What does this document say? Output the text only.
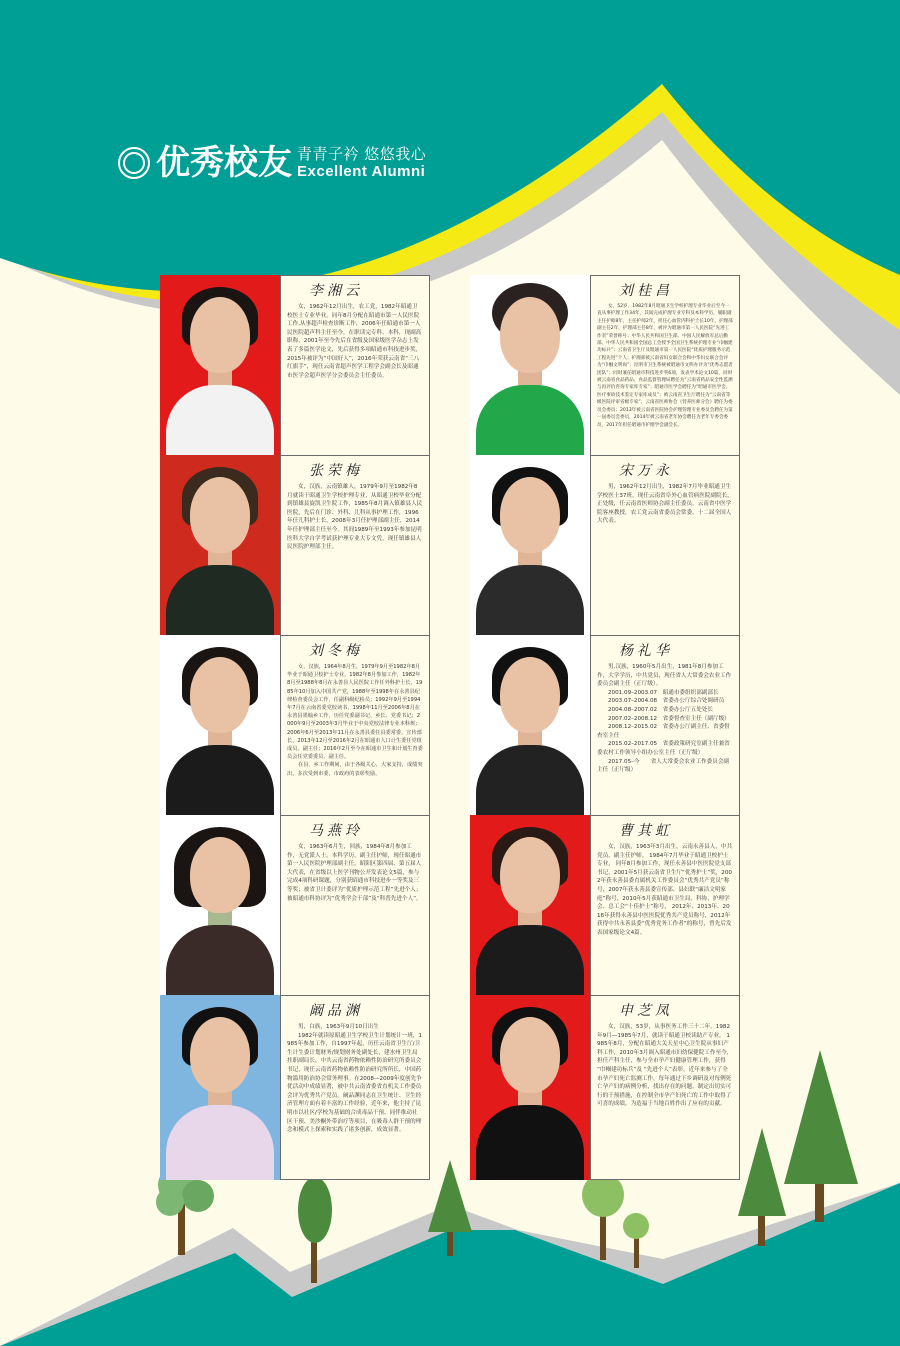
优秀校友 青青子衿 悠悠我心
Excellent Alumni
李湘云

女，1962年12月出生，农工党，1982年昭通卫校医士专业毕业，同年8月分配在昭通市第一人民医院工作,从事超声检查诊断工作，2006年任昭通市第一人民医院超声科主任至今，在职读完专科、本科，现副高职称，2001年至今先后在省级及国家级医学杂志上发表了多篇医学论文，先后获得多项昭通市科技进步奖，2015年被评为“中国好人”，2016年荣获云南省“三八红旗手”，现任云南省超声医学工程学会副会长及昭通市医学会超声医学分会委员会主任委员。

刘桂昌

女，52岁，1982年8月昭通卫生学校护理专业毕业后至今一直从事护理工作34年，其间完成护理专业专科及本科学历，履职副主任护师8年，主任护师2年，担任心血管内科护士长10年，护理部副主任2年，护理部主任8年，被评为昭通市第一人民医院“先进工作者”荣誉称号；中华人民共和国卫生部、中国人民解放军总后勤部、中华人民共和国全国总工会授予全国卫生系统护理专业“巾帼建功标兵”；云南省卫生厅及昭通市第一人民医院“优质护理服务示范工程先进”个人；护理部被云南省妇女联合会和中华妇女联合会评为“巾帼文明岗”；昆明市卫生系统被昭通市文明办评为“优秀志愿者团队”；同时兼任昭通市科技进步奖6项，发表学术论文10篇，同时被云南省食品药品、食品监督管理局聘任为“云南省药品安全性监测与再评价咨询专家库专家”；昭通市医学会聘任为“昭通市医学会，医疗事故技术鉴定专家库成员”；被云南省卫生厅聘任为“云南省等级医院评审省级专家”；云南省医师协会《营养医师分会》聘任为委员会委员；2013年被云南省医院协会护理管理专业委员会聘任为第一届委员会委员，2014年被云南省老年协会聘任为老年专委会委员，2017年担任昭通市护理学会副会长。

张荣梅

女，汉族，云南镇雄人，1979年9月至1982年8月就读于昭通卫生学校护理专业，从昭通卫校毕业分配到镇雄县旋凯卫生院工作，1985年8月调入镇雄县人民医院，先后在门诊、外科、儿科从事护理工作，1996年任儿科护士长，2008年3月任护理部副主任，2014年任护理部主任至今。其间1989年至1993年参加昆明医科大学自学考试获护理专业大专文凭，现任镇雄县人民医院护理部主任。

宋万永

男，1962年12月出生，1982年7月毕业昭通卫生学校医士37班，现任云南省阜外心血管病医院副院长，正处级，任云南省医师协会副主任委员，云南省中医学院客座教授，农工党云南省委员会常委，十二届全国人大代表。

刘冬梅

女，汉族，1964年8月生，1979年9月至1982年8月毕业于昭通卫校护士专业，1982年8月参加工作，1982年8月至1988年8月在永善县人民医院工作任外科护士长，1985年10月加入中国共产党，1988年至1998年在永善县纪律检查委员会工作，任副科级纪检员；1992年9月至1994年7月在云南省委党校读书，1998年11月至2006年8月在永善县墨翰乡工作，历任党委副书记、乡长、党委书记；2000年9月至2003年3月毕业于中央党校法律专业本科班；2006年6月至2013年11月在永善县委任县委常委、宣传部长，2013年12月至2016年2月在昭通市人口计生委任党组成员、副主任；2016年2月至今在昭通市卫生和计划生育委员会任党委委员、副主任。

在县、乡工作期间，由于各级关心，大家支持，成绩突出，多次受到市委、市政府的表彰奖励。

杨礼华

男,汉族，1960年5月出生，1981年8月参加工作，大学学历，中共党员，现任省人大常委会农业工作委员会副主任（正厅级）。

2001.09–2003.07　昭通市委组织部副部长

2003.07–2004.08　省委办公厅综合处调研员

2004.08–2007.02　省委办公厅五处处长

2007.02–2008.12　省委督查室主任（副厅级）

2008.12–2015.02　省委办公厅副主任、省委督查室主任

2015.02–2017.05　省委政策研究室副主任兼省委农村工作领导小组办公室主任（正厅级）

2017.05–今　　省人大常委会农业工作委员会副主任（正厅级）

马燕玲

女，1963年6月生，回族，1984年8月参加工作，无党派人士，本科学历，副主任护师，现任昭通市第一人民医院护理部副主任，昭阳区第四届、第五届人大代表，在省级以上医学刊物公开发表论文5篇，参与完成4项科研课题，分别获昭通市科技进步一等奖及三等奖；被省卫计委评为“优质护理示范工程”先进个人；被昭通市科协评为“优秀学会干部”及“科普先进个人”。

曹其虹

女，汉族，1963年3月出生，云南永善县人，中共党员，副主任护师。 1984年7月毕业于昭通卫校护士专业， 同年8月参加工作，现任永善县中医医院党支部书记，2001年5月获云南省卫生厅“优秀护士”奖，2002年获永善县委直属机关工作委员会“优秀共产党员”称号，2007年获永善县委宣传部、县妇联“廉洁文明家庭”称号，2010年5月获昭通市卫生局、科协、护理学会、总工会“十佳护士”称号， 2012年、2013年、2016年获得永善县中医医院优秀共产党员称号，2012年获得中共永善县委“优秀党务工作者”的称号，曾先后发表国家级论文4篇。

阚品渊

男，白族，1963年9月10日出生

1982年就读原昭通卫生学校卫生计划统计一班，1985年参加工作，自1997年起，历任云南省卫生厅/卫生计生委计划财务/规划财务处副处长，建水州卫生局挂职副局长，中共云南省药物依赖性防治研究所委员会书记，现任云南省药物依赖性防治研究所所长，中国药物滥用防治协会常务理事。在2008—2009年度创先争优活动中成绩显著，被中共云南省委省直机关工作委员会评为优秀共产党员。阚品渊同志在卫生统计、卫生经济管理方面有着丰富的工作经验，近年来，他主持了昆明市以社区/学校为基础的合成毒品干预、同伴推动社区干预、美沙酮外带治疗等项目，在吸毒人群干预的理念和模式上探索和实践了诸多创新，成效显著。

申芝凤

女，汉族，53岁，从事医务工作三十二年。1982年9月—1985年7月，就读于昭通卫校读助产专业。 1985年8月，分配在昭通大关天星中心卫生院从事妇产科工作，2010年3月调入昭通市妇幼保健院工作至今，担任产科主任，参与全市孕产妇健康管理工作，获得 “巾帼建功标兵”及 “先进个人”表彰。近年来参与了全市孕产妇死亡监测工作，每年通过下乡调研及对每例死亡孕产妇的病例分析，找出存在的问题，制定出切实可行的干预措施，在控制全市孕产妇死亡的工作中取得了可喜的成绩，为造福于当地百姓作出了应有的贡献。
